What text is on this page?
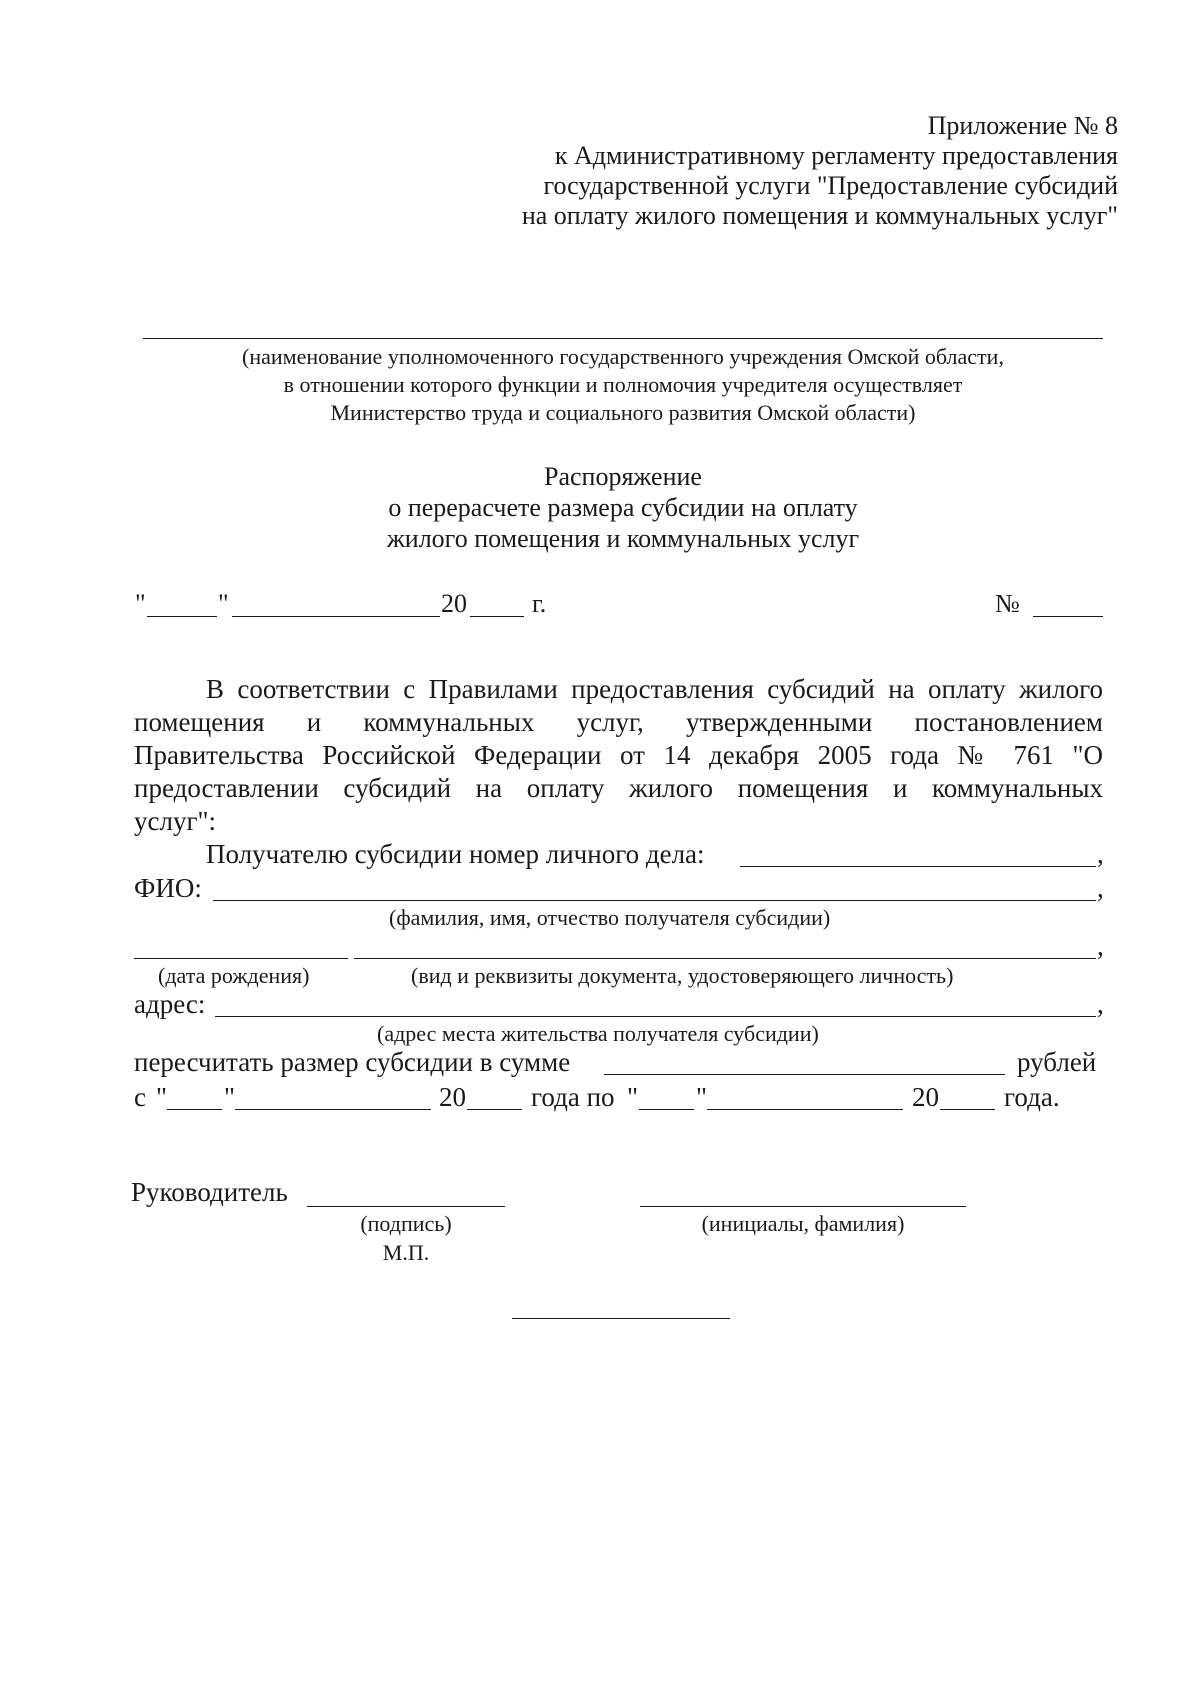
Приложение № 8
к Административному регламенту предоставления
государственной услуги "Предоставление субсидий
на оплату жилого помещения и коммунальных услуг"
(наименование уполномоченного государственного учреждения Омской области,
в отношении которого функции и полномочия учредителя осуществляет
Министерство труда и социального развития Омской области)
Распоряжение
о перерасчете размера субсидии на оплату
жилого помещения и коммунальных услуг
"	"	20	г.	№
В соответствии с Правилами предоставления субсидий на оплату жилого
помещения и коммунальных услуг, утвержденными постановлением
Правительства Российской Федерации от 14 декабря 2005 года № 761 "О
предоставлении субсидий на оплату жилого помещения и коммунальных
услуг":
Получателю субсидии номер личного дела:	,
ФИО:	,
(фамилия, имя, отчество получателя субсидии)
,
(дата рождения)	(вид и реквизиты документа, удостоверяющего личность)
адрес:	,
(адрес места жительства получателя субсидии)
пересчитать размер субсидии в сумме	рублей
с " "	20 года по " "	20 года.
Руководитель
(подпись)	(инициалы, фамилия)
М.П.
